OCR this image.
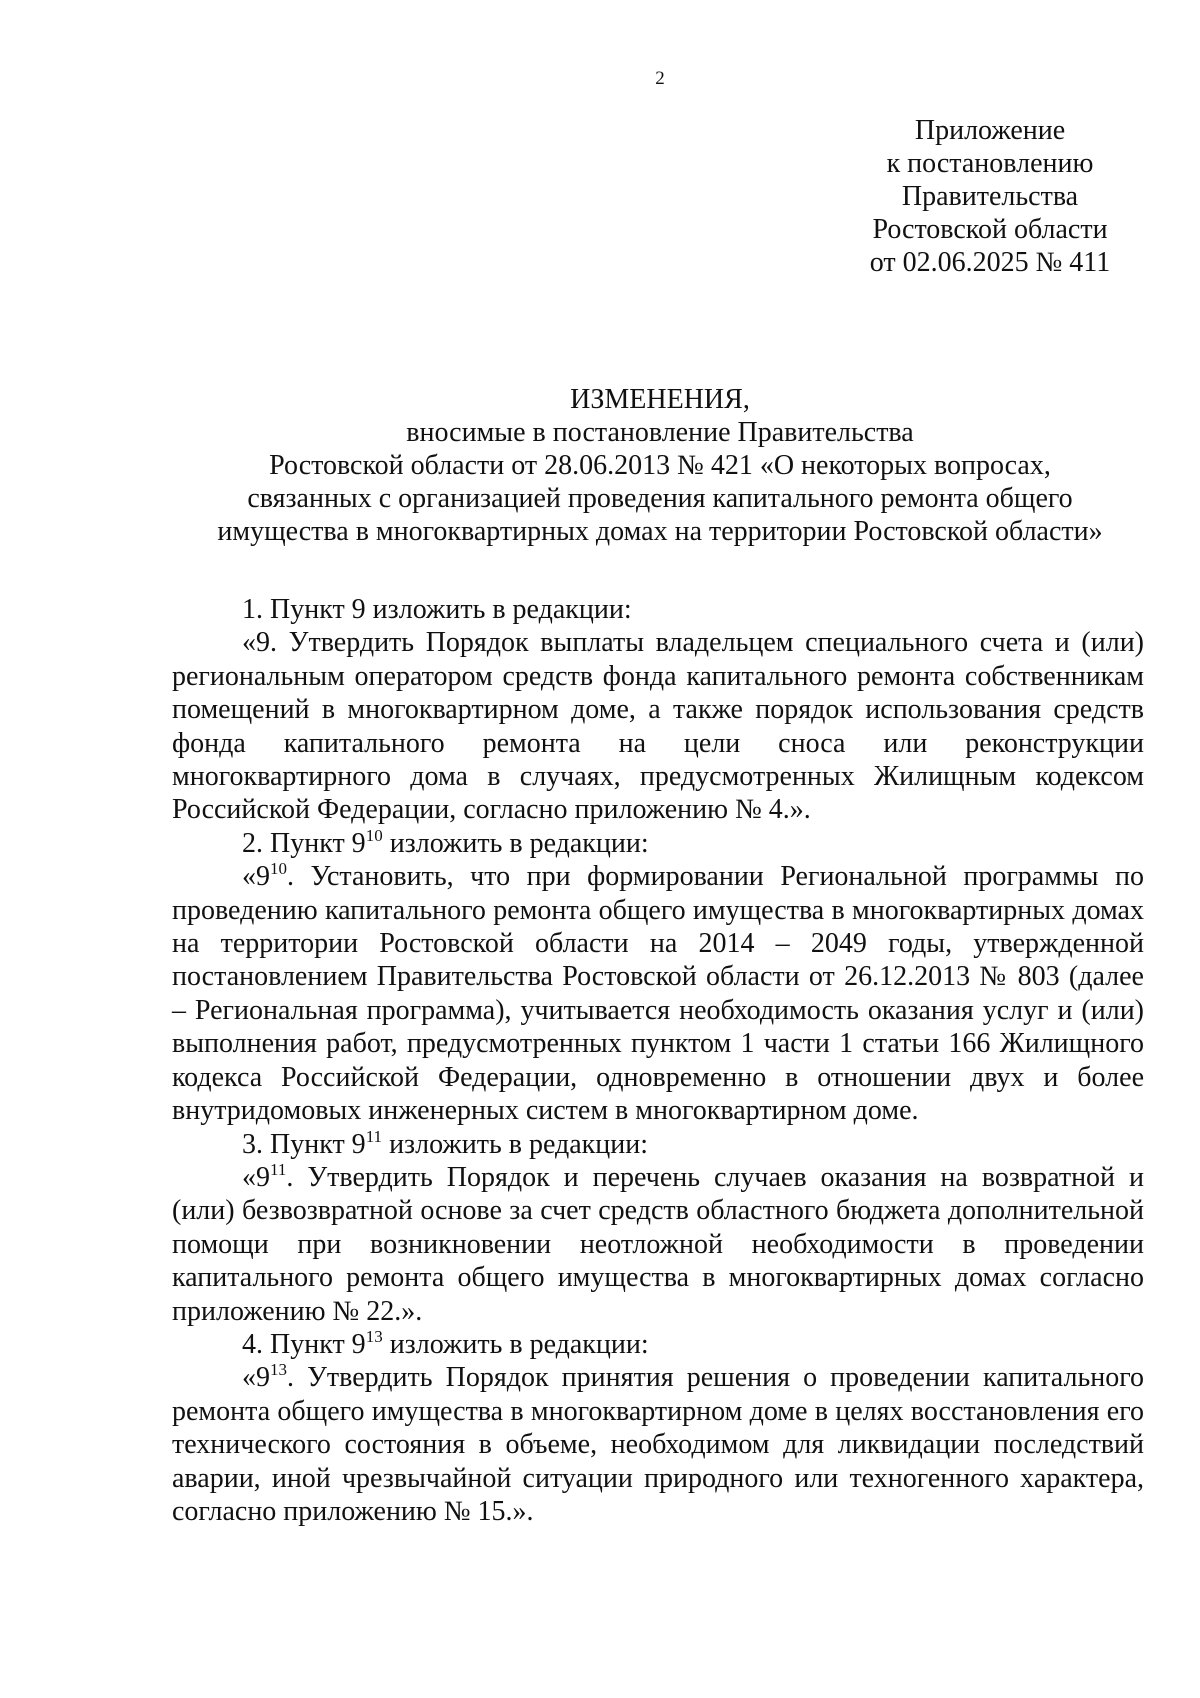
2
Приложение
к постановлению
Правительства
Ростовской области
от 02.06.2025 № 411
ИЗМЕНЕНИЯ,
вносимые в постановление Правительства
Ростовской области от 28.06.2013 № 421 «О некоторых вопросах,
связанных с организацией проведения капитального ремонта общего
имущества в многоквартирных домах на территории Ростовской области»

1. Пункт 9 изложить в редакции:

«9. Утвердить Порядок выплаты владельцем специального счета и (или) региональным оператором средств фонда капитального ремонта собственникам помещений в многоквартирном доме, а также порядок использования средств фонда капитального ремонта на цели сноса или реконструкции многоквартирного дома в случаях, предусмотренных Жилищным кодексом Российской Федерации, согласно приложению № 4.».

2. Пункт $9^{10}$ изложить в редакции:

«$9^{10}$. Установить, что при формировании Региональной программы по проведению капитального ремонта общего имущества в многоквартирных домах на территории Ростовской области на 2014 – 2049 годы, утвержденной постановлением Правительства Ростовской области от 26.12.2013 № 803 (далее – Региональная программа), учитывается необходимость оказания услуг и (или) выполнения работ, предусмотренных пунктом 1 части 1 статьи 166 Жилищного кодекса Российской Федерации, одновременно в отношении двух и более внутридомовых инженерных систем в многоквартирном доме.

3. Пункт $9^{11}$ изложить в редакции:

«$9^{11}$. Утвердить Порядок и перечень случаев оказания на возвратной и (или) безвозвратной основе за счет средств областного бюджета дополнительной помощи при возникновении неотложной необходимости в проведении капитального ремонта общего имущества в многоквартирных домах согласно приложению № 22.».

4. Пункт $9^{13}$ изложить в редакции:

«$9^{13}$. Утвердить Порядок принятия решения о проведении капитального ремонта общего имущества в многоквартирном доме в целях восстановления его технического состояния в объеме, необходимом для ликвидации последствий аварии, иной чрезвычайной ситуации природного или техногенного характера, согласно приложению № 15.».
